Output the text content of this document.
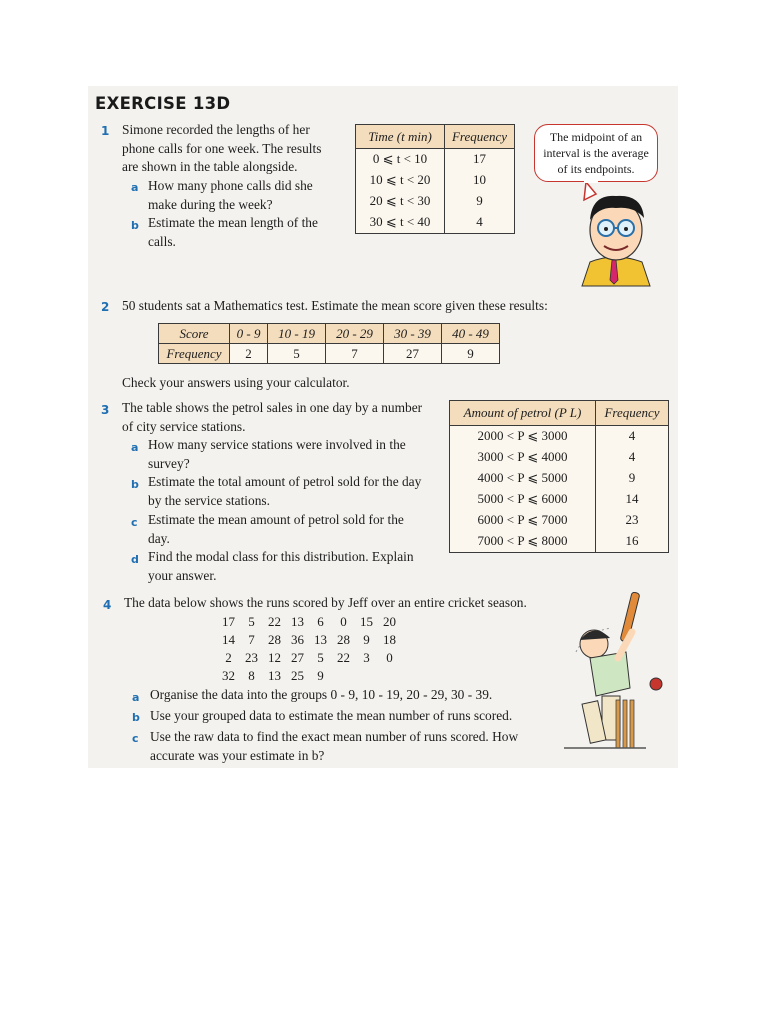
EXERCISE 13D
1 Simone recorded the lengths of her
phone calls for one week. The results
are shown in the table alongside.
a How many phone calls did she
make during the week?
b Estimate the mean length of the
calls.
Time (t min)	Frequency
0 ⩽ t < 10	17
10 ⩽ t < 20	10
20 ⩽ t < 30	9
30 ⩽ t < 40	4
The midpoint of an interval is the average of its endpoints.
2 50 students sat a Mathematics test. Estimate the mean score given these results:
Score	0 - 9	10 - 19	20 - 29	30 - 39	40 - 49
Frequency	2	5	7	27	9
Check your answers using your calculator.
3 The table shows the petrol sales in one day by a number
of city service stations.
a How many service stations were involved in the
survey?
b Estimate the total amount of petrol sold for the day
by the service stations.
c Estimate the mean amount of petrol sold for the
day.
d Find the modal class for this distribution. Explain
your answer.
Amount of petrol (P L)	Frequency
2000 < P ⩽ 3000	4
3000 < P ⩽ 4000	4
4000 < P ⩽ 5000	9
5000 < P ⩽ 6000	14
6000 < P ⩽ 7000	23
7000 < P ⩽ 8000	16
4 The data below shows the runs scored by Jeff over an entire cricket season.
17	5	22	13	6	0	15	20
14	7	28	36	13	28	9	18
2	23	12	27	5	22	3	0
32	8	13	25	9			
a Organise the data into the groups 0 - 9, 10 - 19, 20 - 29, 30 - 39.
b Use your grouped data to estimate the mean number of runs scored.
c Use the raw data to find the exact mean number of runs scored. How
accurate was your estimate in b?
